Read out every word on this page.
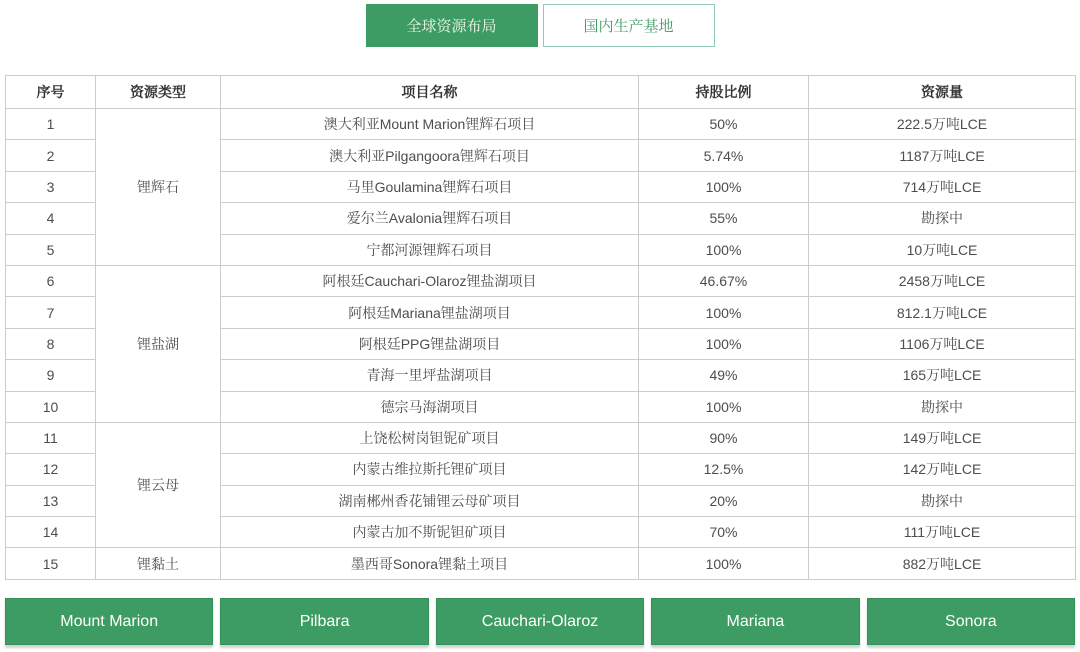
全球资源布局	国内生产基地
序号	资源类型	项目名称	持股比例	资源量
1	锂辉石	澳大利亚Mount Marion锂辉石项目	50%	222.5万吨LCE
2		澳大利亚Pilgangoora锂辉石项目	5.74%	1187万吨LCE
3		马里Goulamina锂辉石项目	100%	714万吨LCE
4		爱尔兰Avalonia锂辉石项目	55%	勘探中
5		宁都河源锂辉石项目	100%	10万吨LCE
6	锂盐湖	阿根廷Cauchari-Olaroz锂盐湖项目	46.67%	2458万吨LCE
7		阿根廷Mariana锂盐湖项目	100%	812.1万吨LCE
8		阿根廷PPG锂盐湖项目	100%	1106万吨LCE
9		青海一里坪盐湖项目	49%	165万吨LCE
10		德宗马海湖项目	100%	勘探中
11	锂云母	上饶松树岗钽铌矿项目	90%	149万吨LCE
12		内蒙古维拉斯托锂矿项目	12.5%	142万吨LCE
13		湖南郴州香花铺锂云母矿项目	20%	勘探中
14		内蒙古加不斯铌钽矿项目	70%	111万吨LCE
15	锂黏土	墨西哥Sonora锂黏土项目	100%	882万吨LCE
Mount Marion	Pilbara	Cauchari-Olaroz	Mariana	Sonora
